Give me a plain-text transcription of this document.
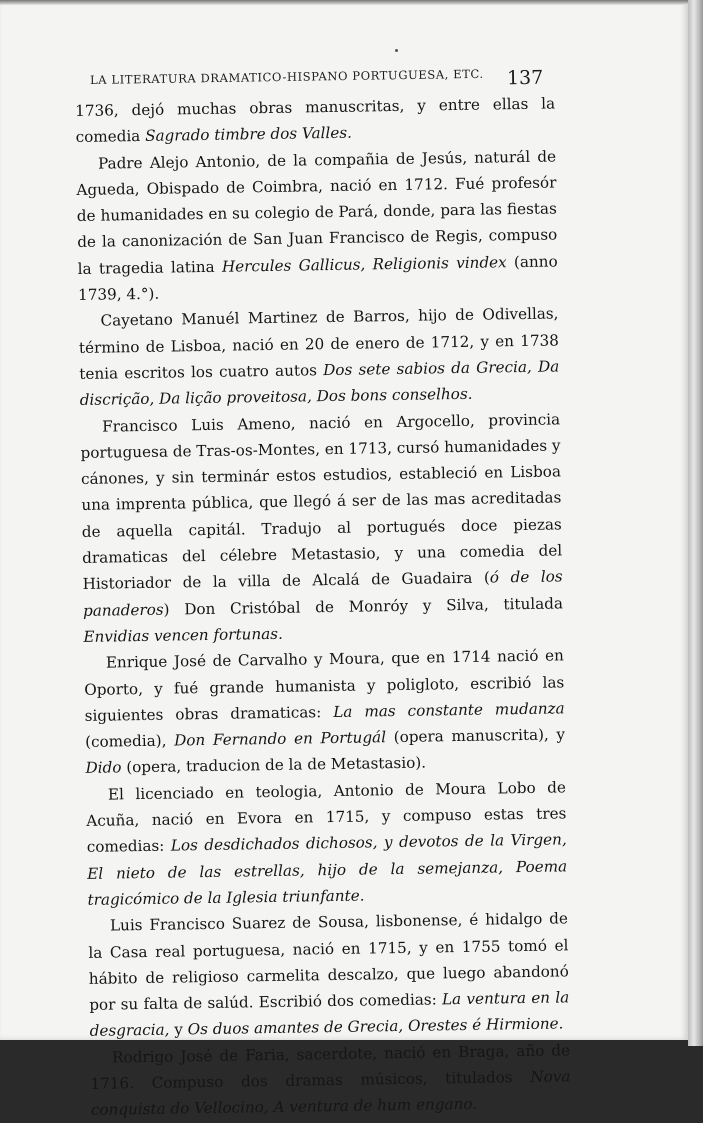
LA LITERATURA DRAMATICO-HISPANO PORTUGUESA, ETC. 137

1736, dejó muchas obras manuscritas, y entre ellas la comedia Sagrado timbre dos Valles.

Padre Alejo Antonio, de la compañia de Jesús, naturál de Agueda, Obispado de Coimbra, nació en 1712. Fué profesór de humanidades en su colegio de Pará, donde, para las fiestas de la canonización de San Juan Francisco de Regis, compuso la tragedia latina Hercules Gallicus, Religionis vindex (anno 1739, 4.°).

Cayetano Manuél Martinez de Barros, hijo de Odivellas, término de Lisboa, nació en 20 de enero de 1712, y en 1738 tenia escritos los cuatro autos Dos sete sabios da Grecia, Da discrição, Da lição proveitosa, Dos bons conselhos.

Francisco Luis Ameno, nació en Argocello, provincia portuguesa de Tras-os-Montes, en 1713, cursó humanidades y cánones, y sin terminár estos estudios, estableció en Lisboa una imprenta pública, que llegó á ser de las mas acreditadas de aquella capitál. Tradujo al portugués doce piezas dramaticas del célebre Metastasio, y una comedia del Historiador de la villa de Alcalá de Guadaira (ó de los panaderos) Don Cristóbal de Monróy y Silva, titulada Envidias vencen fortunas.

Enrique José de Carvalho y Moura, que en 1714 nació en Oporto, y fué grande humanista y poligloto, escribió las siguientes obras dramaticas: La mas constante mudanza (comedia), Don Fernando en Portugál (opera manuscrita), y Dido (opera, traducion de la de Metastasio).

El licenciado en teologia, Antonio de Moura Lobo de Acuña, nació en Evora en 1715, y compuso estas tres comedias: Los desdichados dichosos, y devotos de la Virgen, El nieto de las estrellas, hijo de la semejanza, Poema tragicómico de la Iglesia triunfante.

Luis Francisco Suarez de Sousa, lisbonense, é hidalgo de la Casa real portuguesa, nació en 1715, y en 1755 tomó el hábito de religioso carmelita descalzo, que luego abandonó por su falta de salúd. Escribió dos comedias: La ventura en la desgracia, y Os duos amantes de Grecia, Orestes é Hirmione.

Rodrigo José de Faria, sacerdote, nació en Braga, año de 1716. Compuso dos dramas músicos, titulados Nova conquista do Vellocino, A ventura de hum engano.
